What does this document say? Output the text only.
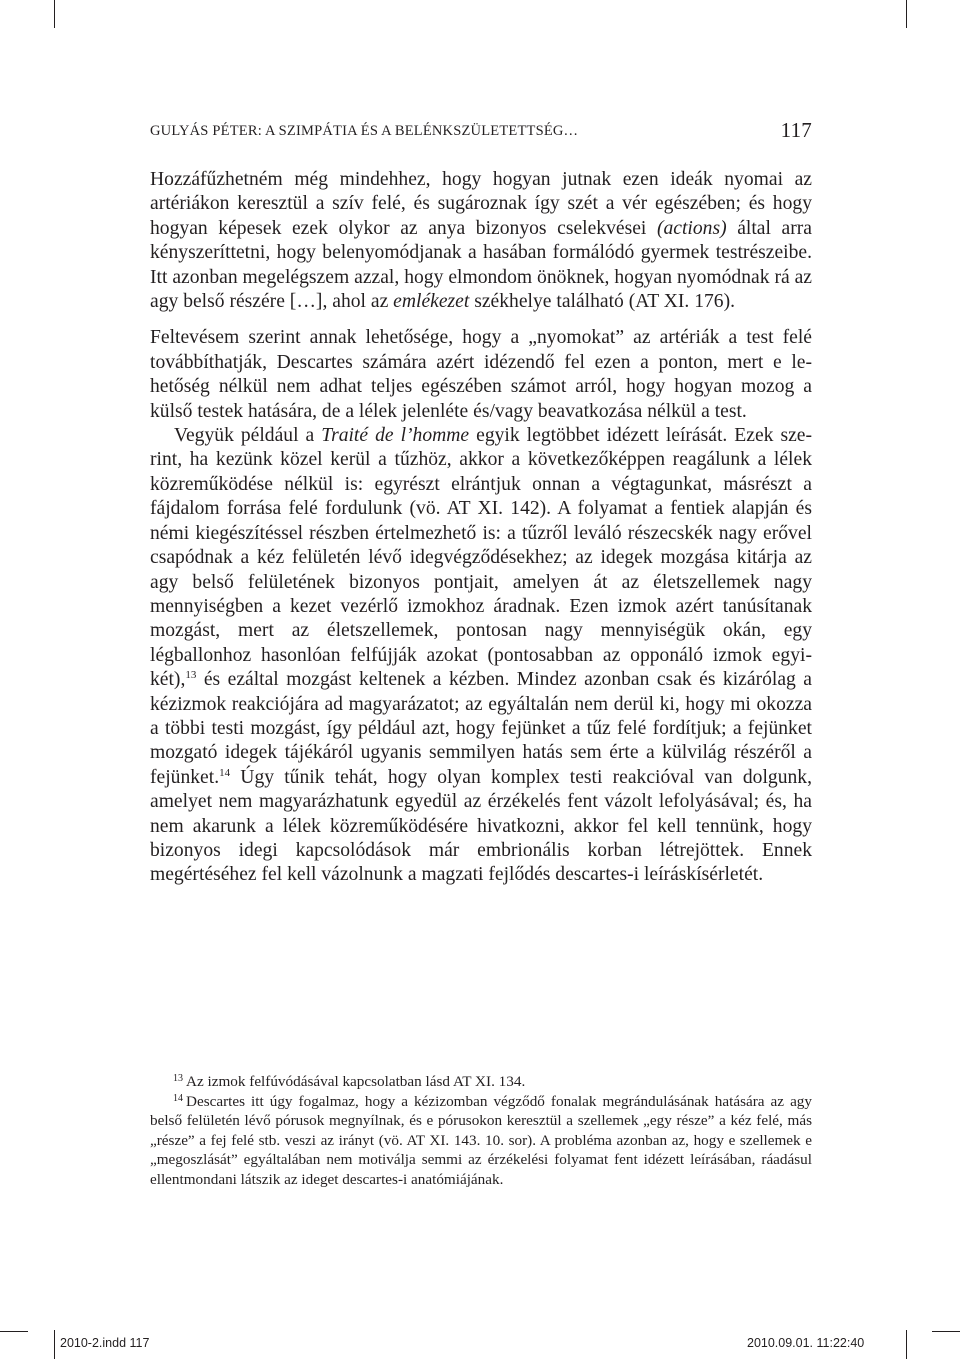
GULYÁS PÉTER: A SZIMPÁTIA ÉS A BELÉNKSZÜLETETTSÉG…	117

Hozzáfűzhetném még mindehhez, hogy hogyan jutnak ezen ideák nyomai az artériákon keresztül a szív felé, és sugároznak így szét a vér egészében; és hogy hogyan képesek ezek olykor az anya bizonyos cselekvései (actions) által arra kényszeríttetni, hogy belenyomódjanak a hasában formálódó gyermek testrészeibe. Itt azonban megelégszem azzal, hogy elmondom önöknek, hogyan nyomódnak rá az agy belső részére […], ahol az emlékezet székhelye található (AT XI. 176).

Feltevésem szerint annak lehetősége, hogy a „nyomokat” az artériák a test felé továbbíthatják, Descartes számára azért idézendő fel ezen a ponton, mert e lehetőség nélkül nem adhat teljes egészében számot arról, hogy hogyan mozog a külső testek hatására, de a lélek jelenléte és/vagy beavatkozása nélkül a test.

Vegyük például a Traité de l’homme egyik legtöbbet idézett leírását. Ezek szerint, ha kezünk közel kerül a tűzhöz, akkor a következőképpen reagálunk a lélek közreműködése nélkül is: egyrészt elrántjuk onnan a végtagunkat, másrészt a fájdalom forrása felé fordulunk (vö. AT XI. 142). A folyamat a fentiek alapján és némi kiegészítéssel részben értelmezhető is: a tűzről leváló részecskék nagy erővel csapódnak a kéz felületén lévő idegvégződésekhez; az idegek mozgása kitárja az agy belső felületének bizonyos pontjait, amelyen át az életszellemek nagy mennyiségben a kezet vezérlő izmokhoz áradnak. Ezen izmok azért tanúsítanak mozgást, mert az életszellemek, pontosan nagy mennyiségük okán, egy légballonhoz hasonlóan felfújják azokat (pontosabban az opponáló izmok egyikét),$^{13}$ és ezáltal mozgást keltenek a kézben. Mindez azonban csak és kizárólag a kézizmok reakciójára ad magyarázatot; az egyáltalán nem derül ki, hogy mi okozza a többi testi mozgást, így például azt, hogy fejünket a tűz felé fordítjuk; a fejünket mozgató idegek tájékáról ugyanis semmilyen hatás sem érte a külvilág részéről a fejünket.$^{14}$ Úgy tűnik tehát, hogy olyan komplex testi reakcióval van dolgunk, amelyet nem magyarázhatunk egyedül az érzékelés fent vázolt lefolyásával; és, ha nem akarunk a lélek közreműködésére hivatkozni, akkor fel kell tennünk, hogy bizonyos idegi kapcsolódások már embrionális korban létrejöttek. Ennek megértéséhez fel kell vázolnunk a magzati fejlődés descartes-i leíráskísérletét.

$^{13}$ Az izmok felfúvódásával kapcsolatban lásd AT XI. 134.

$^{14}$ Descartes itt úgy fogalmaz, hogy a kézizomban végződő fonalak megrándulásának hatására az agy belső felületén lévő pórusok megnyílnak, és e pórusokon keresztül a szellemek „egy része” a kéz felé, más „része” a fej felé stb. veszi az irányt (vö. AT XI. 143. 10. sor). A probléma azonban az, hogy e szellemek e „megoszlását” egyáltalában nem motiválja semmi az érzékelési folyamat fent idézett leírásában, ráadásul ellentmondani látszik az ideget descartes-i anatómiájának.

2010-2.indd 117	2010.09.01. 11:22:40
